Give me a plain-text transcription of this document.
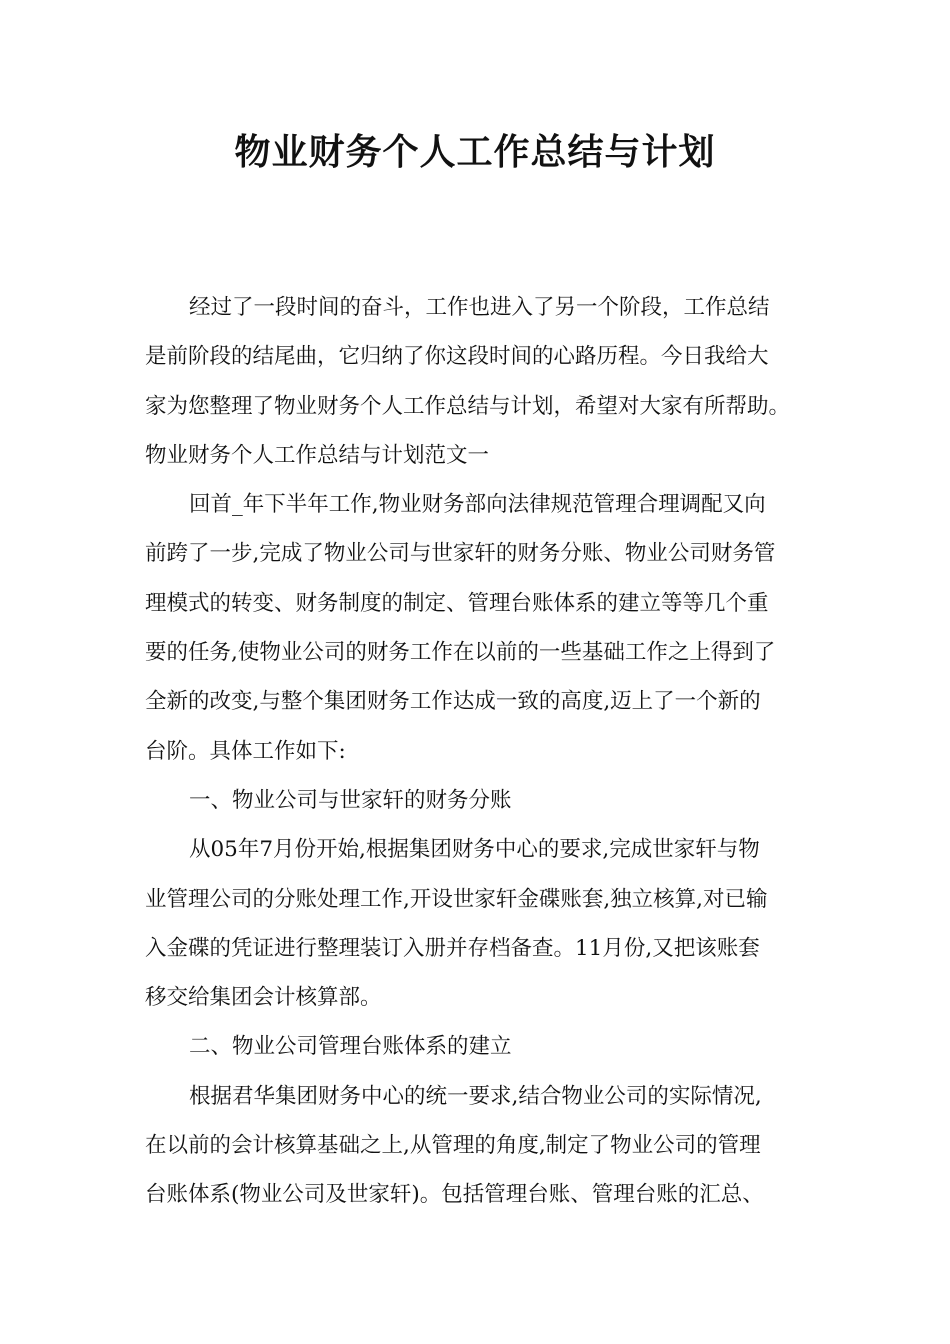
物业财务个人工作总结与计划
经过了一段时间的奋斗，工作也进入了另一个阶段，工作总结
是前阶段的结尾曲，它归纳了你这段时间的心路历程。今日我给大
家为您整理了物业财务个人工作总结与计划，希望对大家有所帮助。
物业财务个人工作总结与计划范文一
回首_年下半年工作,物业财务部向法律规范管理合理调配又向
前跨了一步,完成了物业公司与世家轩的财务分账、物业公司财务管
理模式的转变、财务制度的制定、管理台账体系的建立等等几个重
要的任务,使物业公司的财务工作在以前的一些基础工作之上得到了
全新的改变,与整个集团财务工作达成一致的高度,迈上了一个新的
台阶。具体工作如下:
一、物业公司与世家轩的财务分账
从05年7月份开始,根据集团财务中心的要求,完成世家轩与物
业管理公司的分账处理工作,开设世家轩金碟账套,独立核算,对已输
入金碟的凭证进行整理装订入册并存档备查。11月份,又把该账套
移交给集团会计核算部。
二、物业公司管理台账体系的建立
根据君华集团财务中心的统一要求,结合物业公司的实际情况,
在以前的会计核算基础之上,从管理的角度,制定了物业公司的管理
台账体系(物业公司及世家轩)。包括管理台账、管理台账的汇总、
